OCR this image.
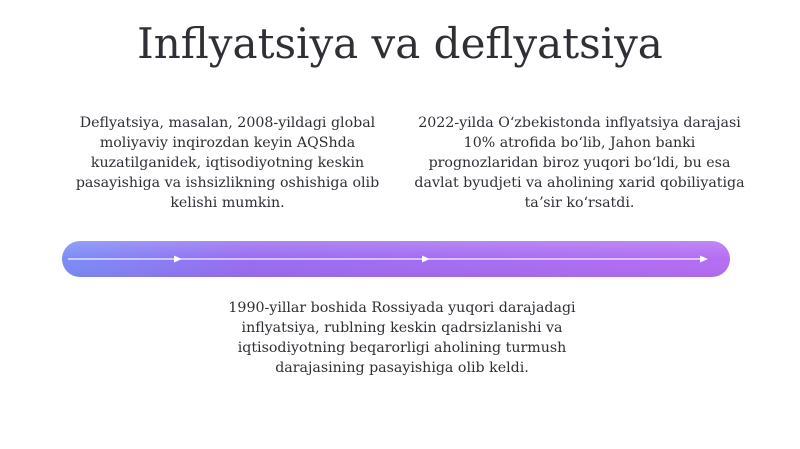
Inflyatsiya va deflyatsiya

Deflyatsiya, masalan, 2008-yildagi global moliyaviy inqirozdan keyin AQShda kuzatilganidek, iqtisodiyotning keskin pasayishiga va ishsizlikning oshishiga olib kelishi mumkin.

2022-yilda Oʻzbekistonda inflyatsiya darajasi 10% atrofida boʻlib, Jahon banki prognozlaridan biroz yuqori boʻldi, bu esa davlat byudjeti va aholining xarid qobiliyatiga taʼsir koʻrsatdi.

1990-yillar boshida Rossiyada yuqori darajadagi inflyatsiya, rublning keskin qadrsizlanishi va iqtisodiyotning beqarorligi aholining turmush darajasining pasayishiga olib keldi.
